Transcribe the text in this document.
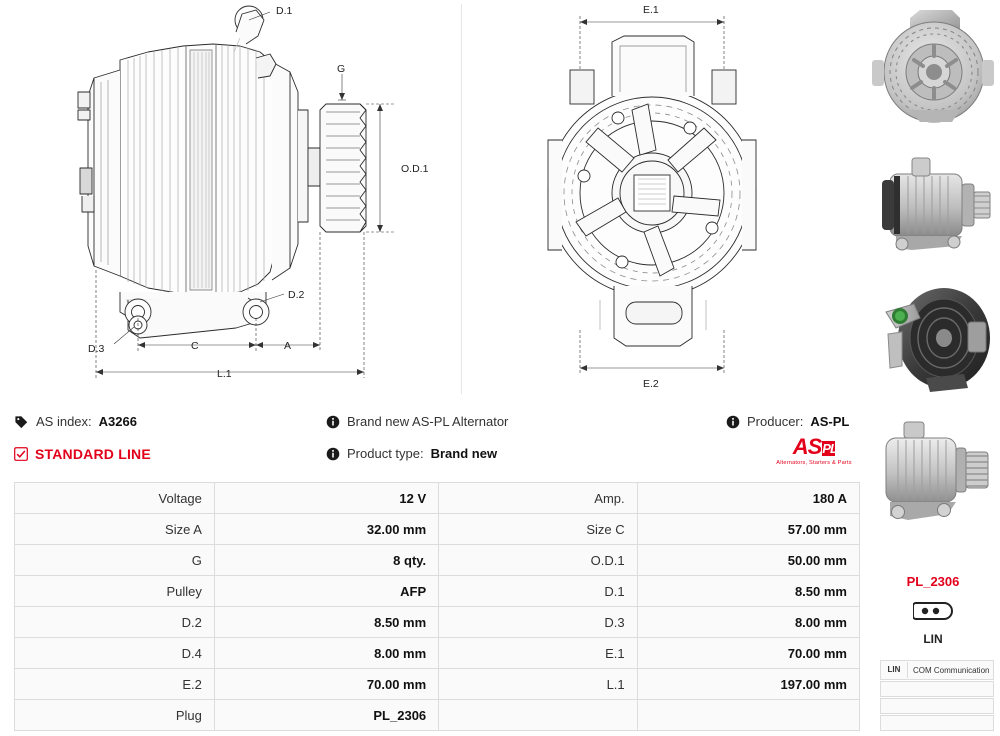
D.1
G
O.D.1
D.2
D.3	C	A
L.1
E.1
E.2
AS index: A3266	Brand new AS-PL Alternator	Producer: AS-PL
STANDARD LINE	Product type: Brand new	ASPL
Alternators, Starters & Parts
Voltage	12 V	Amp.	180 A
Size A	32.00 mm	Size C	57.00 mm
G	8 qty.	O.D.1	50.00 mm
Pulley	AFP	D.1	8.50 mm
D.2	8.50 mm	D.3	8.00 mm
D.4	8.00 mm	E.1	70.00 mm
E.2	70.00 mm	L.1	197.00 mm
Plug	PL_2306		
PL_2306
LIN
LIN	COM Communication
